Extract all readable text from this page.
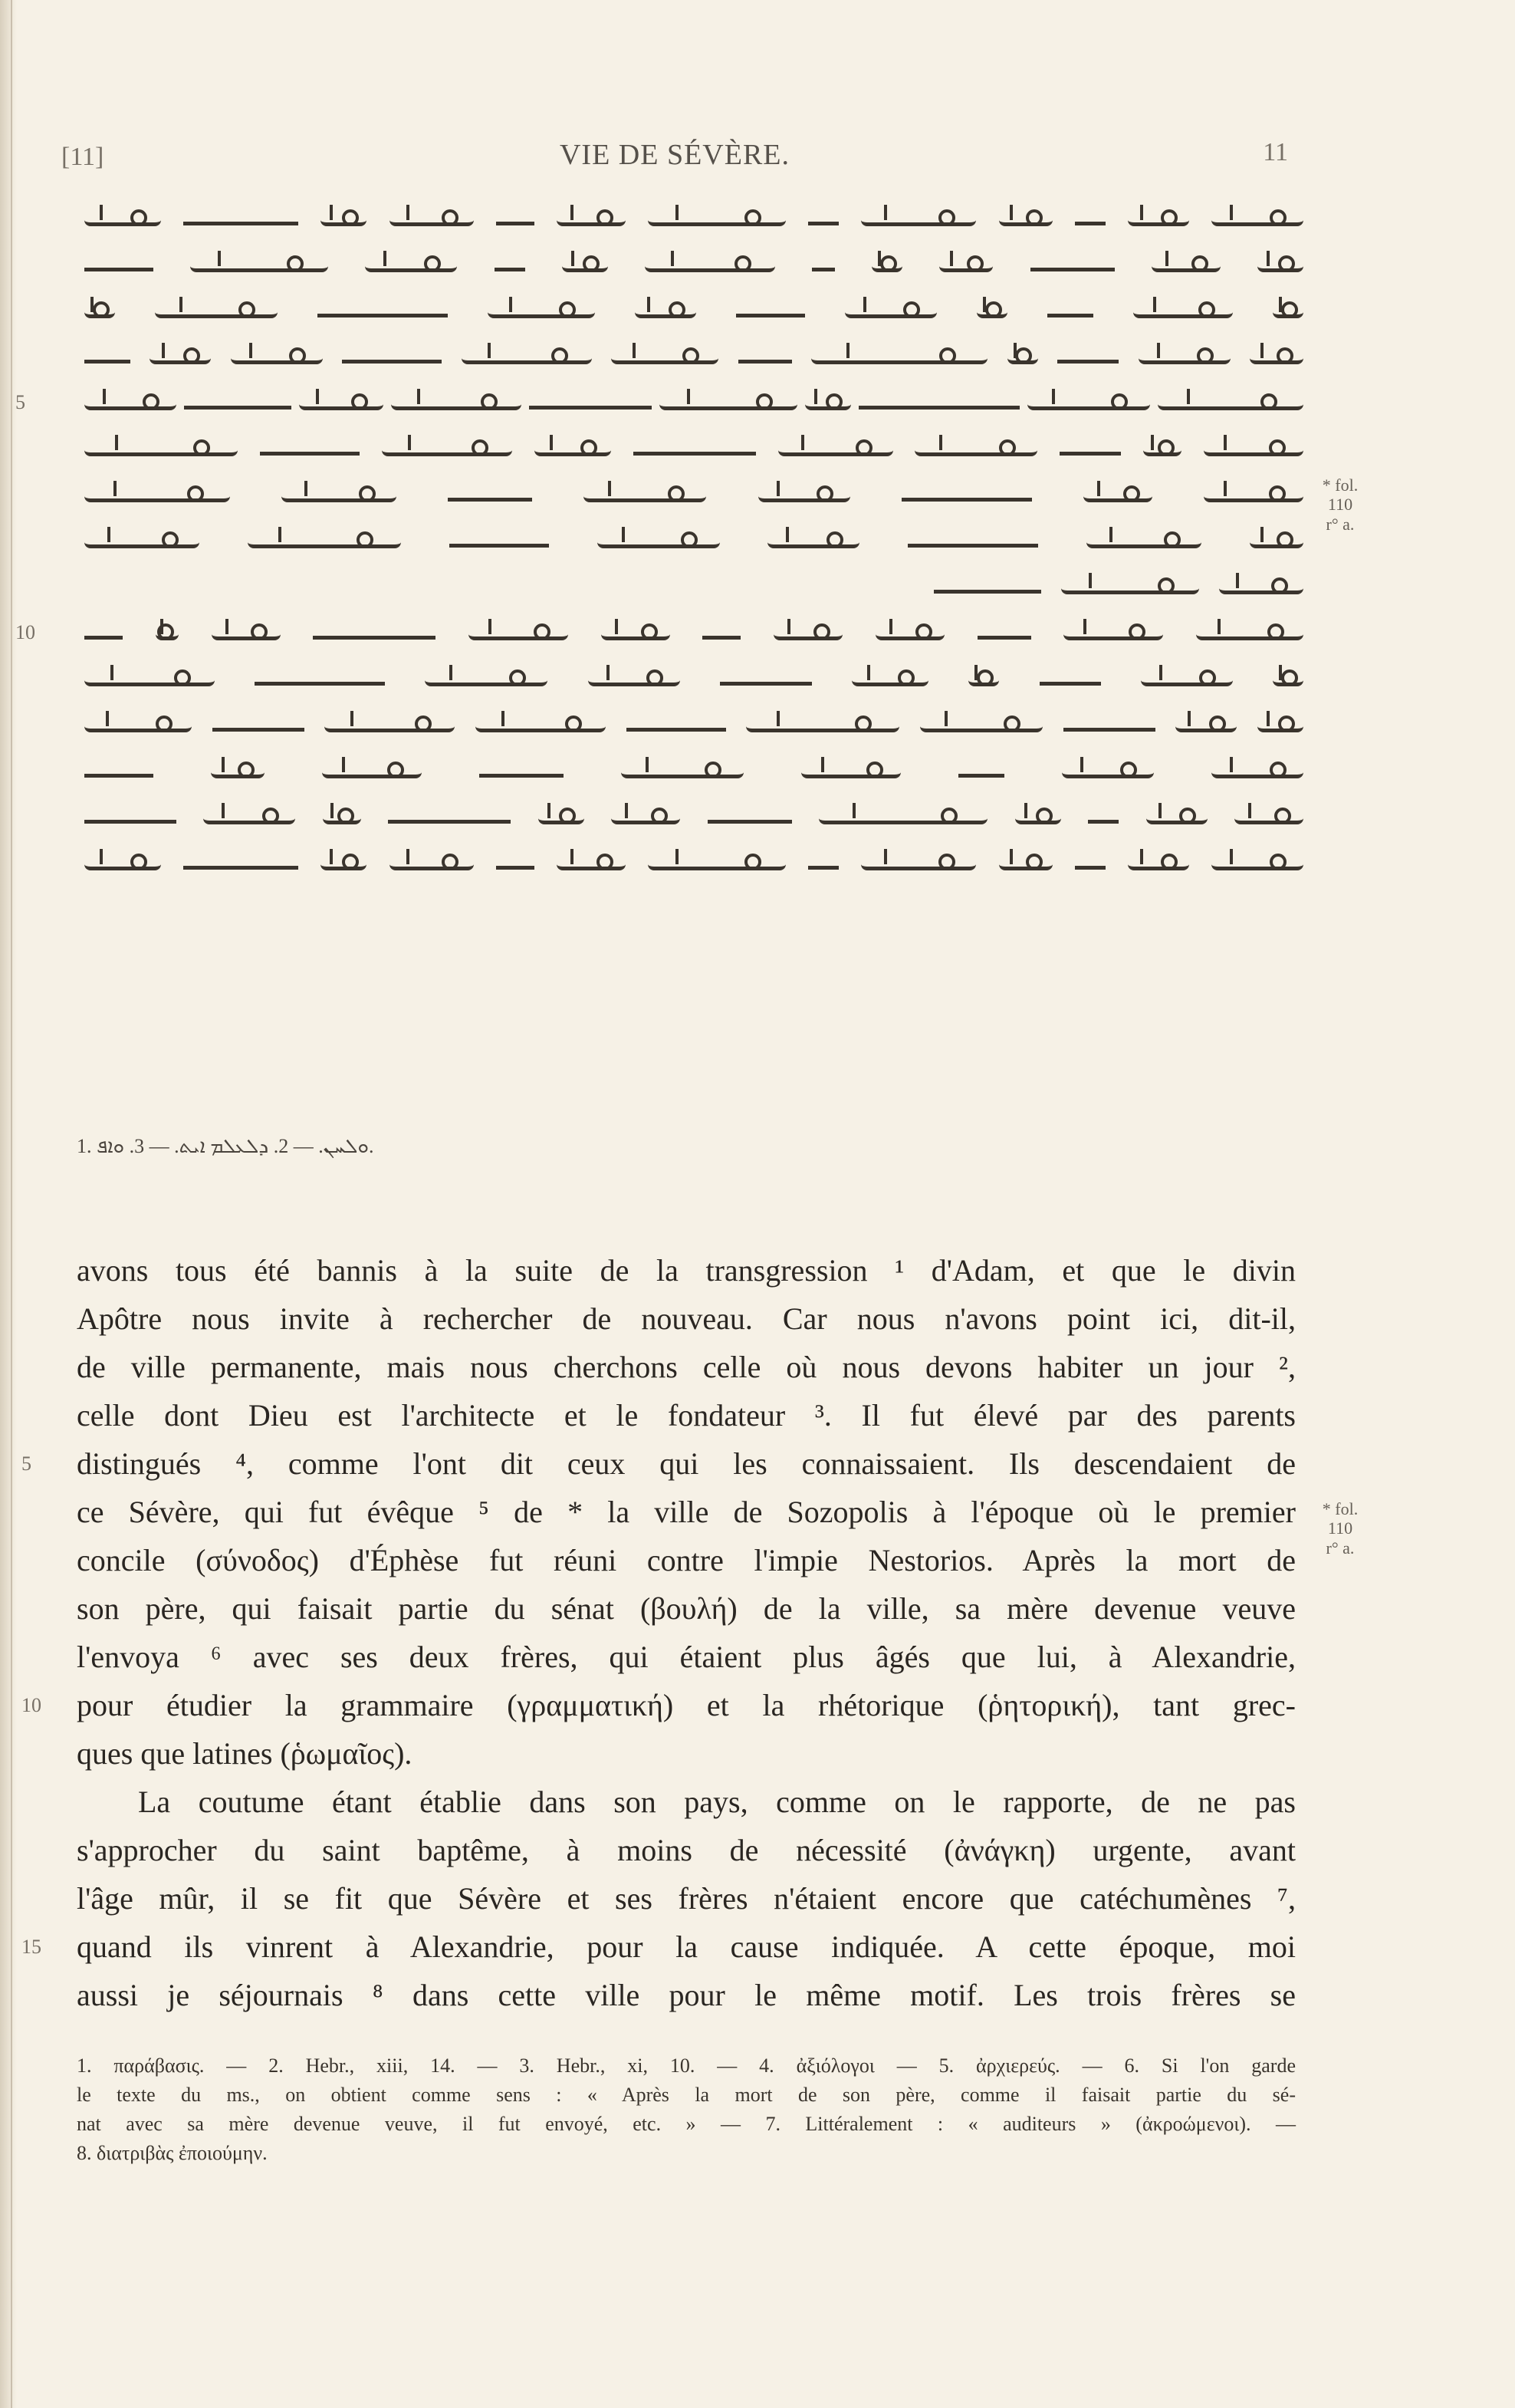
[11]	VIE DE SÉVÈRE.	11
5
10
* fol. 110
r° a.
1. ܘܠܚܢ. — 2. ܕܠܥܠܡ ܐܝܬ. — 3. ܘܐܦ.
avons tous été bannis à la suite de la transgression ¹ d'Adam, et que le divin
Apôtre nous invite à rechercher de nouveau. Car nous n'avons point ici, dit-il,
de ville permanente, mais nous cherchons celle où nous devons habiter un jour ²,
celle dont Dieu est l'architecte et le fondateur ³. Il fut élevé par des parents
5 distingués ⁴, comme l'ont dit ceux qui les connaissaient. Ils descendaient de
ce Sévère, qui fut évêque ⁵ de * la ville de Sozopolis à l'époque où le premier
concile (σύνοδος) d'Éphèse fut réuni contre l'impie Nestorios. Après la mort de
son père, qui faisait partie du sénat (βουλή) de la ville, sa mère devenue veuve
l'envoya ⁶ avec ses deux frères, qui étaient plus âgés que lui, à Alexandrie,
10 pour étudier la grammaire (γραμματική) et la rhétorique (ῥητορική), tant grec-
ques que latines (ῥωμαῖος).
La coutume étant établie dans son pays, comme on le rapporte, de ne pas
s'approcher du saint baptême, à moins de nécessité (ἀνάγκη) urgente, avant
l'âge mûr, il se fit que Sévère et ses frères n'étaient encore que catéchumènes ⁷,
15 quand ils vinrent à Alexandrie, pour la cause indiquée. A cette époque, moi
aussi je séjournais ⁸ dans cette ville pour le même motif. Les trois frères se
* fol. 110
r° a.
1. παράβασις. — 2. Hebr., xiii, 14. — 3. Hebr., xi, 10. — 4. ἀξιόλογοι — 5. ἀρχιερεύς. — 6. Si l'on garde
le texte du ms., on obtient comme sens : « Après la mort de son père, comme il faisait partie du sé-
nat avec sa mère devenue veuve, il fut envoyé, etc. » — 7. Littéralement : « auditeurs » (ἀκροώμενοι). —
8. διατριβὰς ἐποιούμην.
